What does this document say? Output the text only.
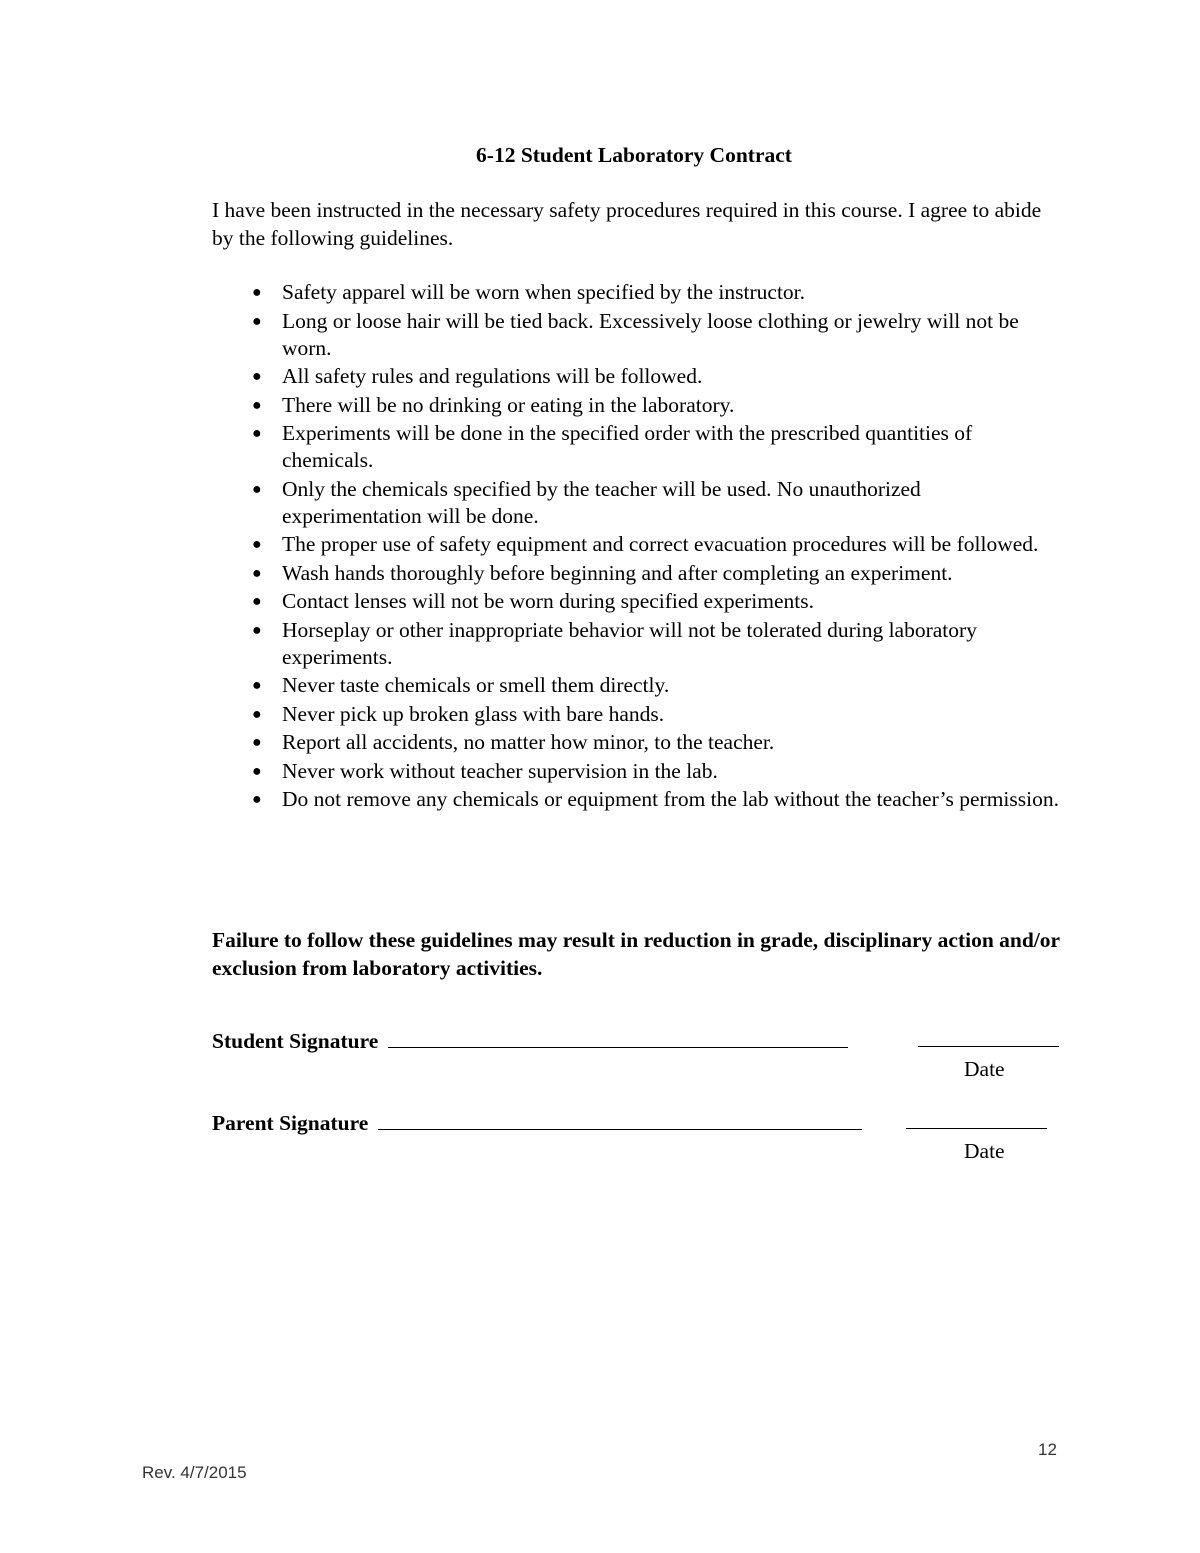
6-12 Student Laboratory Contract

I have been instructed in the necessary safety procedures required in this course. I agree to abide by the following guidelines.

● Safety apparel will be worn when specified by the instructor.
● Long or loose hair will be tied back. Excessively loose clothing or jewelry will not be worn.
● All safety rules and regulations will be followed.
● There will be no drinking or eating in the laboratory.
● Experiments will be done in the specified order with the prescribed quantities of chemicals.
● Only the chemicals specified by the teacher will be used. No unauthorized experimentation will be done.
● The proper use of safety equipment and correct evacuation procedures will be followed.
● Wash hands thoroughly before beginning and after completing an experiment.
● Contact lenses will not be worn during specified experiments.
● Horseplay or other inappropriate behavior will not be tolerated during laboratory experiments.
● Never taste chemicals or smell them directly.
● Never pick up broken glass with bare hands.
● Report all accidents, no matter how minor, to the teacher.
● Never work without teacher supervision in the lab.
● Do not remove any chemicals or equipment from the lab without the teacher’s permission.

Failure to follow these guidelines may result in reduction in grade, disciplinary action and/or exclusion from laboratory activities.

Student Signature
Date
Parent Signature
Date
12
Rev. 4/7/2015
